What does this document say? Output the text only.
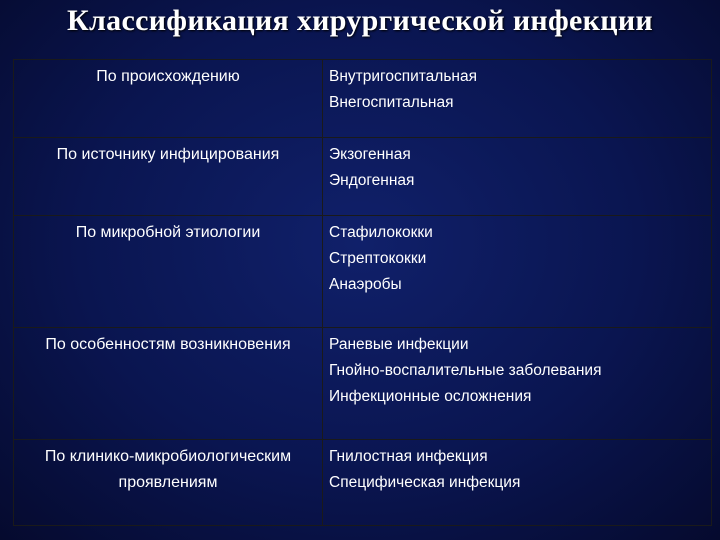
Классификация хирургической инфекции
По происхождению	Внутригоспитальная
Внегоспитальная

По источнику инфицирования	Экзогенная
Эндогенная

По микробной этиологии	Стафилококки
Стрептококки
Анаэробы

По особенностям возникновения	Раневые инфекции
Гнойно-воспалительные заболевания
Инфекционные осложнения

По клинико-микробиологическим проявлениям	Гнилостная инфекция
Специфическая инфекция
